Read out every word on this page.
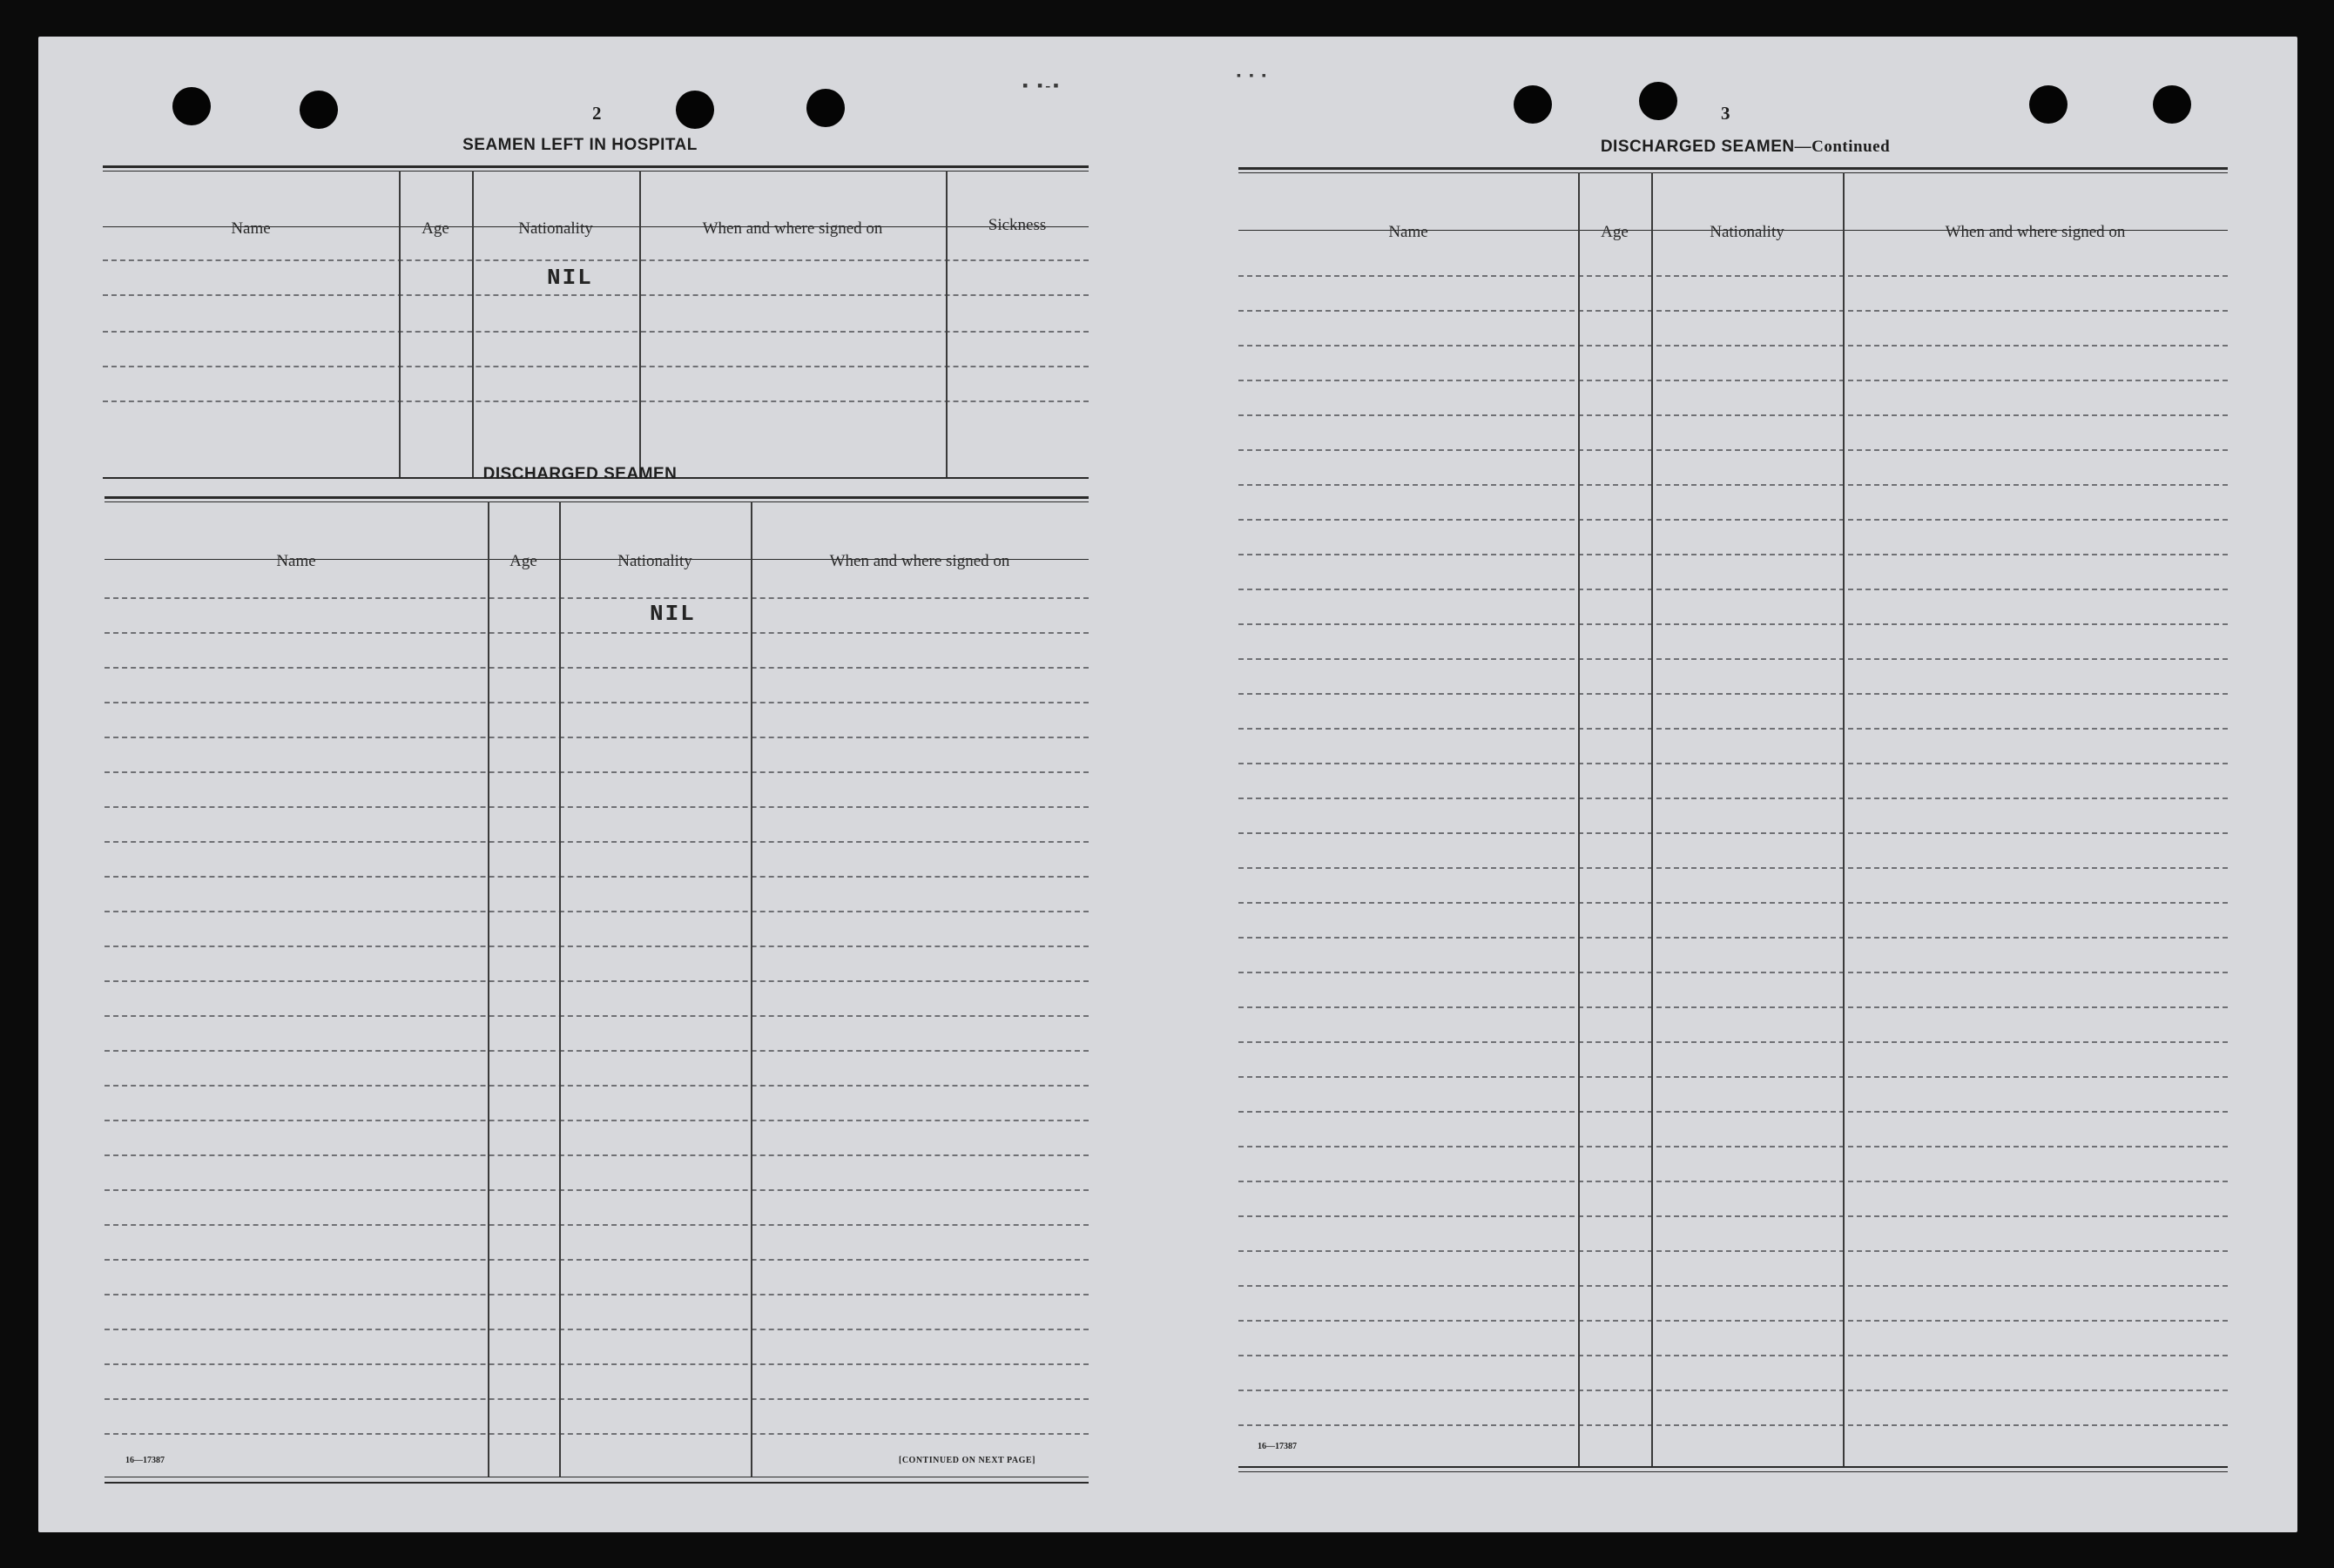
▪ ▪‑▪
▪ ▪ ▪
2
SEAMEN LEFT IN HOSPITAL
Name	Age	Nationality	When and where signed on	Sickness
NIL
DISCHARGED SEAMEN
Name	Age	Nationality	When and where signed on
NIL
16—17387	[CONTINUED ON NEXT PAGE]
3
DISCHARGED SEAMEN—Continued
Name	Age	Nationality	When and where signed on
16—17387
